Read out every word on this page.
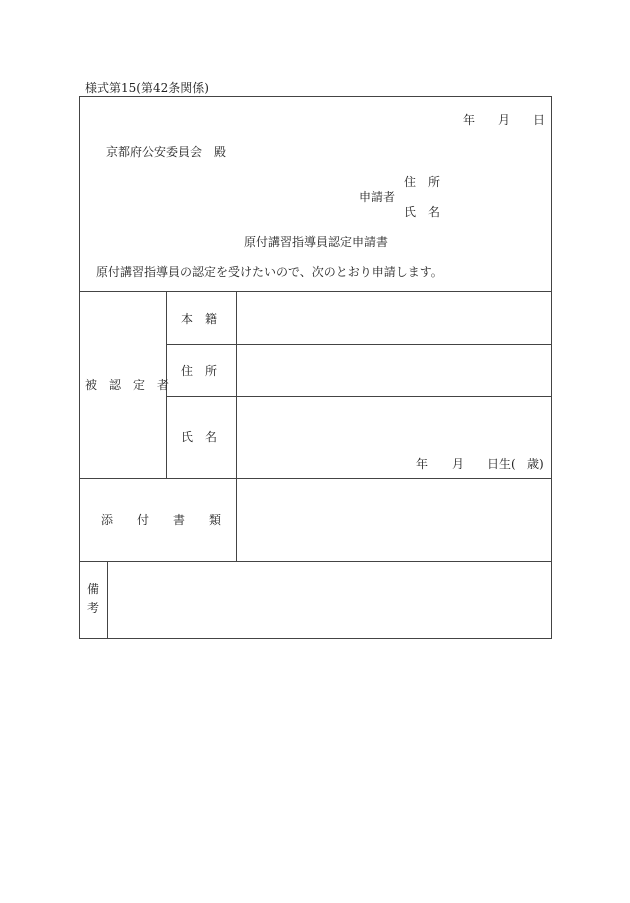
様式第15(第42条関係)
年 月 日
京都府公安委員会　殿
住　所
申請者
氏　名
原付講習指導員認定申請書
原付講習指導員の認定を受けたいので、次のとおり申請します。
被　認　定　者
本　籍
住　所
氏　名
年 月 日生( 歳)
添　　付　　書　　類
備
考
